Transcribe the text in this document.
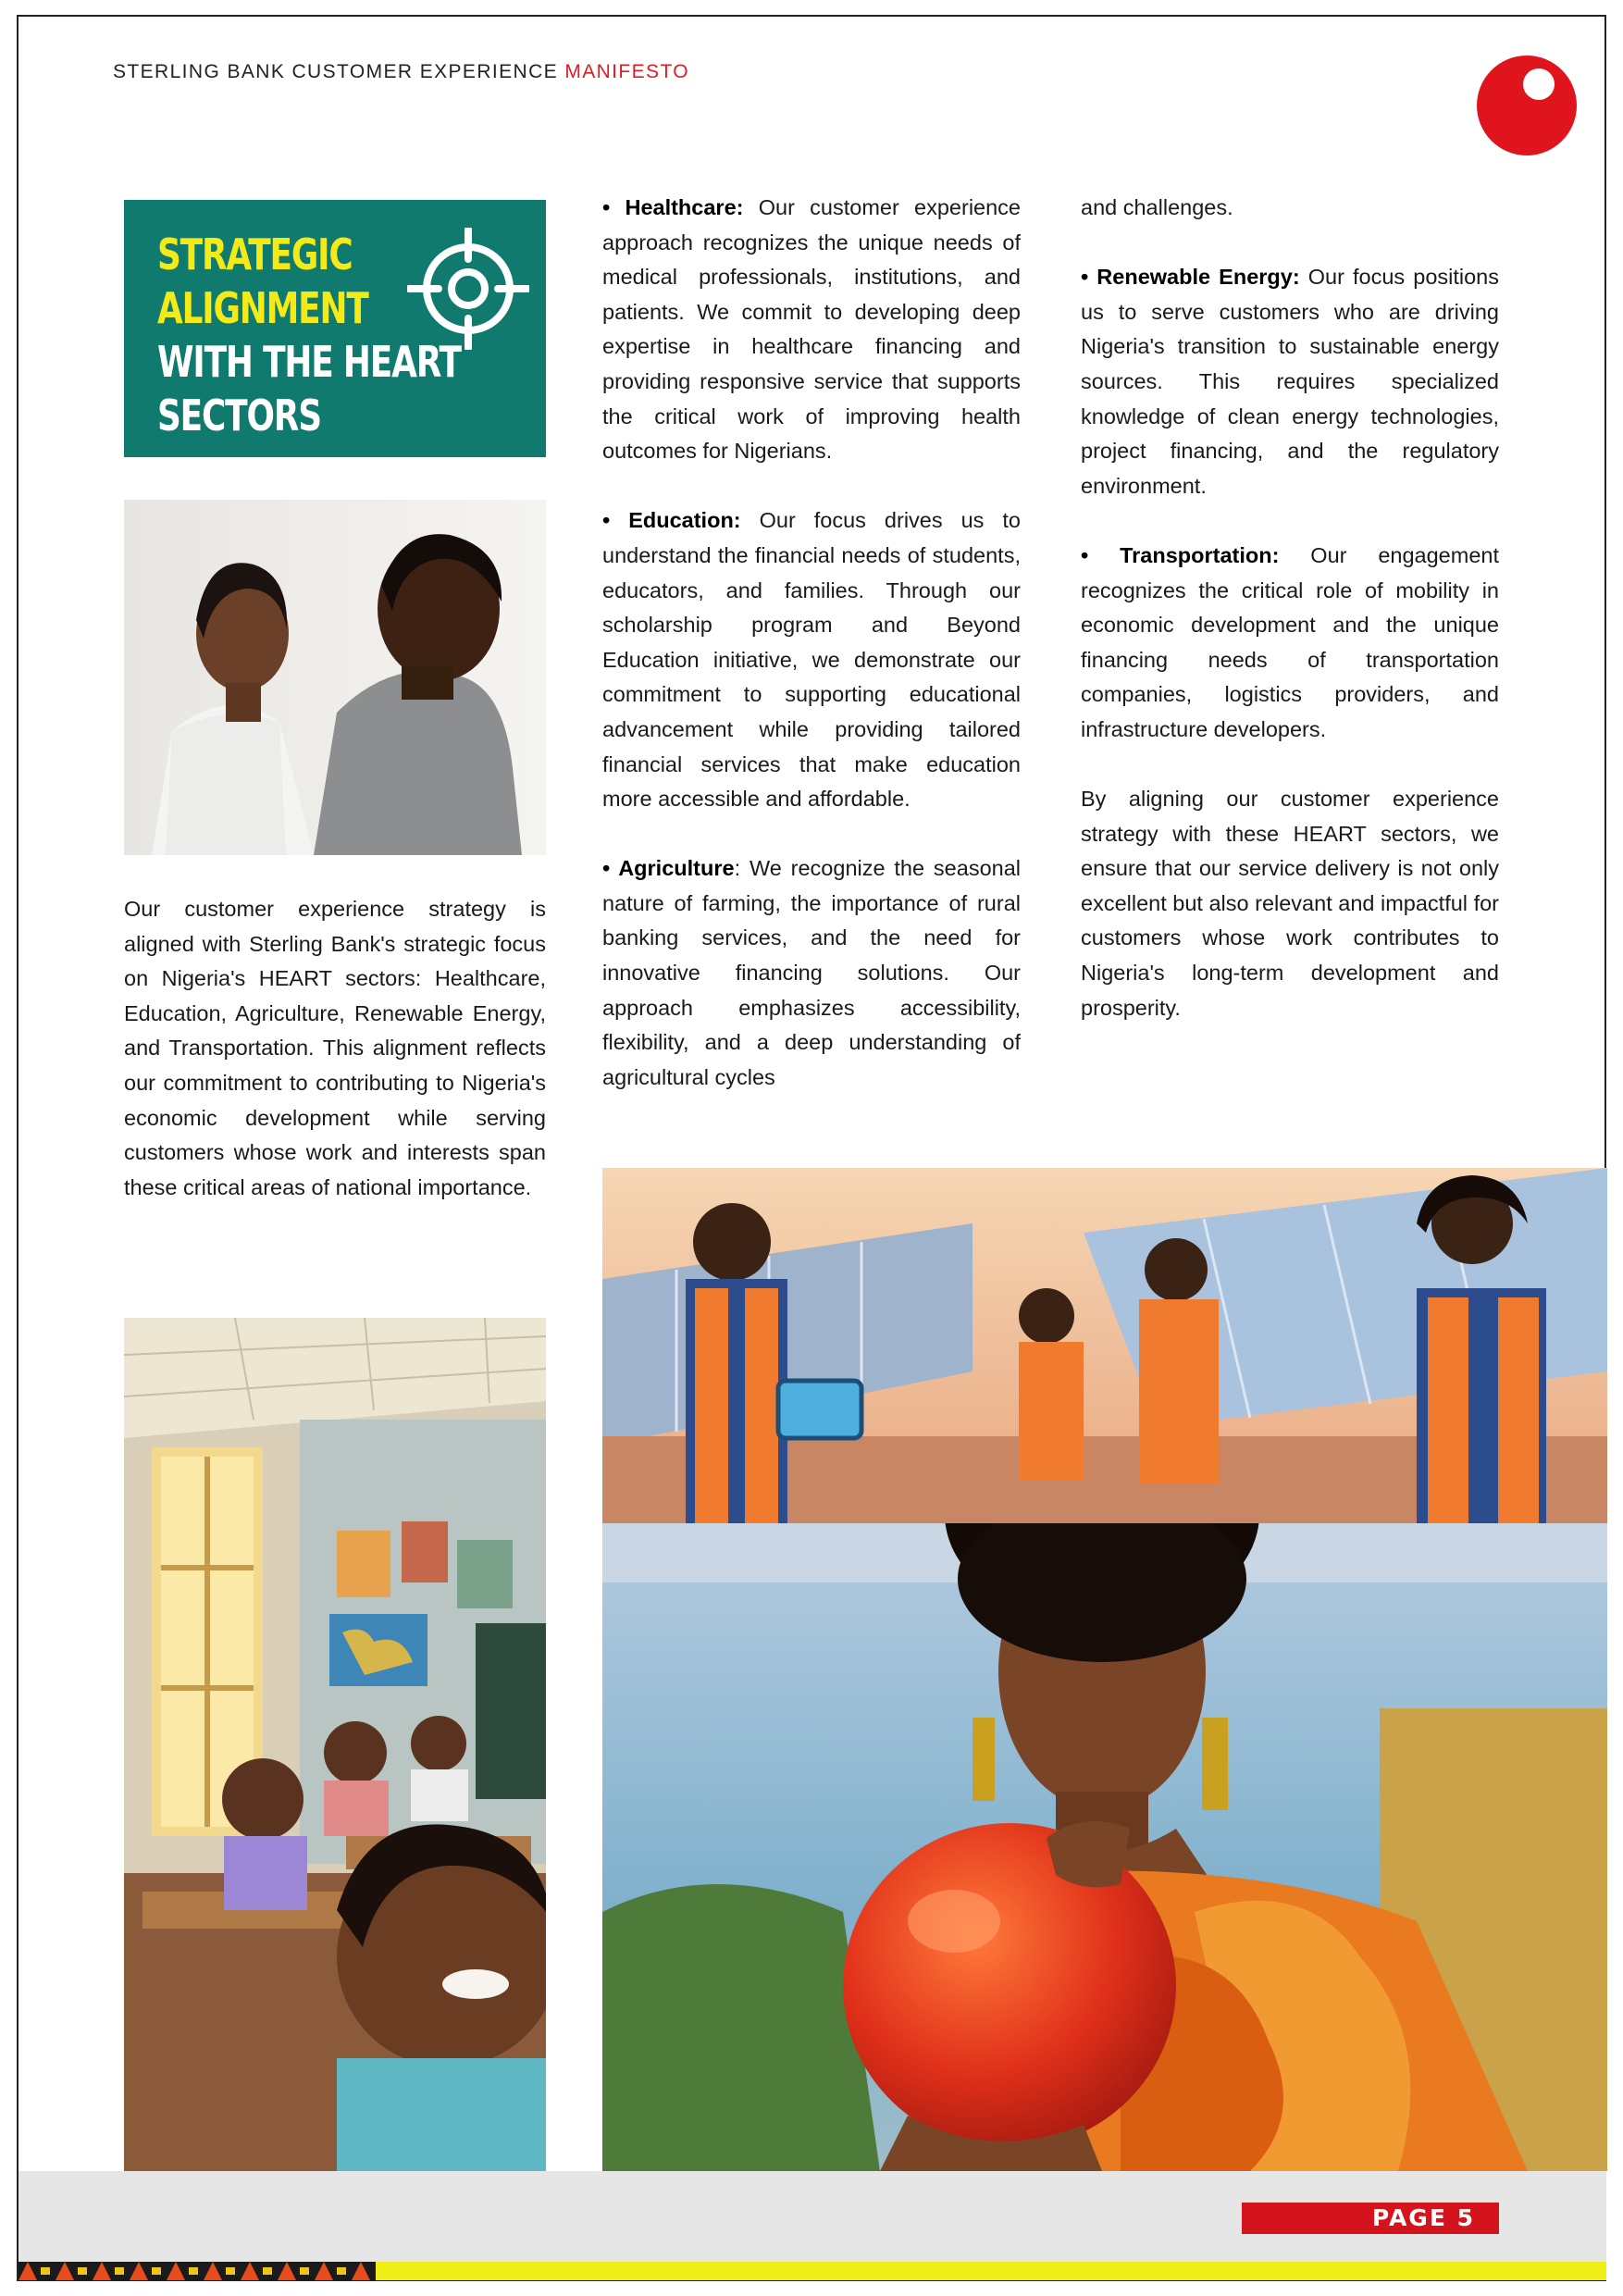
STERLING BANK CUSTOMER EXPERIENCE MANIFESTO
STRATEGIC
ALIGNMENT
WITH THE HEART
SECTORS

• Healthcare: Our customer experience approach recognizes the unique needs of medical professionals, institutions, and patients. We commit to developing deep expertise in healthcare financing and providing responsive service that supports the critical work of improving health outcomes for Nigerians.

• Education: Our focus drives us to understand the financial needs of students, educators, and families. Through our scholarship program and Beyond Education initiative, we demonstrate our commitment to supporting educational advancement while providing tailored financial services that make education more accessible and affordable.

• Agriculture: We recognize the seasonal nature of farming, the importance of rural banking services, and the need for innovative financing solutions. Our approach emphasizes accessibility, flexibility, and a deep understanding of agricultural cycles

and challenges.

• Renewable Energy: Our focus positions us to serve customers who are driving Nigeria's transition to sustainable energy sources. This requires specialized knowledge of clean energy technologies, project financing, and the regulatory environment.

• Transportation: Our engagement recognizes the critical role of mobility in economic development and the unique financing needs of transportation companies, logistics providers, and infrastructure developers.

By aligning our customer experience strategy with these HEART sectors, we ensure that our service delivery is not only excellent but also relevant and impactful for customers whose work contributes to Nigeria's long-term development and prosperity.

Our customer experience strategy is aligned with Sterling Bank's strategic focus on Nigeria's HEART sectors: Healthcare, Education, Agriculture, Renewable Energy, and Transportation. This alignment reflects our commitment to contributing to Nigeria's economic development while serving customers whose work and interests span these critical areas of national importance.

PAGE 5
